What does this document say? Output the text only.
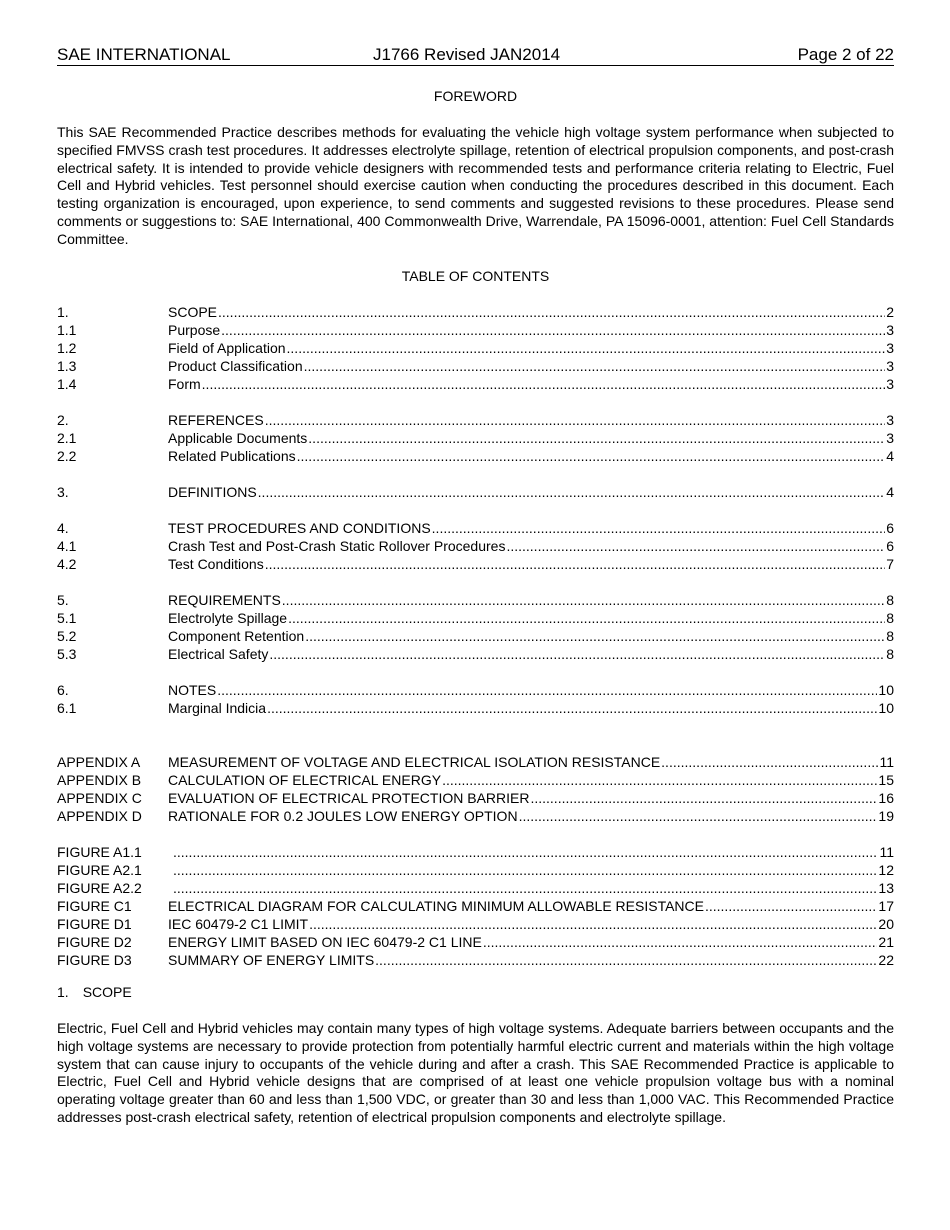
SAE INTERNATIONAL	J1766 Revised JAN2014	Page 2 of 22
FOREWORD
This SAE Recommended Practice describes methods for evaluating the vehicle high voltage system performance when subjected to specified FMVSS crash test procedures. It addresses electrolyte spillage, retention of electrical propulsion components, and post-crash electrical safety. It is intended to provide vehicle designers with recommended tests and performance criteria relating to Electric, Fuel Cell and Hybrid vehicles. Test personnel should exercise caution when conducting the procedures described in this document. Each testing organization is encouraged, upon experience, to send comments and suggested revisions to these procedures. Please send comments or suggestions to: SAE International, 400 Commonwealth Drive, Warrendale, PA 15096-0001, attention: Fuel Cell Standards Committee.
TABLE OF CONTENTS
1.	SCOPE .....	2
1.1	Purpose .....	3
1.2	Field of Application .....	3
1.3	Product Classification .....	3
1.4	Form .....	3
2.	REFERENCES .....	3
2.1	Applicable Documents .....	3
2.2	Related Publications .....	4
3.	DEFINITIONS .....	4
4.	TEST PROCEDURES AND CONDITIONS .....	6
4.1	Crash Test and Post-Crash Static Rollover Procedures .....	6
4.2	Test Conditions .....	7
5.	REQUIREMENTS .....	8
5.1	Electrolyte Spillage .....	8
5.2	Component Retention .....	8
5.3	Electrical Safety .....	8
6.	NOTES .....	10
6.1	Marginal Indicia .....	10
APPENDIX A MEASUREMENT OF VOLTAGE AND ELECTRICAL ISOLATION RESISTANCE .....	11
APPENDIX B CALCULATION OF ELECTRICAL ENERGY .....	15
APPENDIX C EVALUATION OF ELECTRICAL PROTECTION BARRIER .....	16
APPENDIX D RATIONALE FOR 0.2 JOULES LOW ENERGY OPTION .....	19
FIGURE A1.1 .....	11
FIGURE A2.1 .....	12
FIGURE A2.2 .....	13
FIGURE C1	ELECTRICAL DIAGRAM FOR CALCULATING MINIMUM ALLOWABLE RESISTANCE .....	17
FIGURE D1	IEC 60479-2 C1 LIMIT .....	20
FIGURE D2	ENERGY LIMIT BASED ON IEC 60479-2 C1 LINE .....	21
FIGURE D3	SUMMARY OF ENERGY LIMITS .....	22
1. SCOPE
Electric, Fuel Cell and Hybrid vehicles may contain many types of high voltage systems. Adequate barriers between occupants and the high voltage systems are necessary to provide protection from potentially harmful electric current and materials within the high voltage system that can cause injury to occupants of the vehicle during and after a crash. This SAE Recommended Practice is applicable to Electric, Fuel Cell and Hybrid vehicle designs that are comprised of at least one vehicle propulsion voltage bus with a nominal operating voltage greater than 60 and less than 1,500 VDC, or greater than 30 and less than 1,000 VAC. This Recommended Practice addresses post-crash electrical safety, retention of electrical propulsion components and electrolyte spillage.
